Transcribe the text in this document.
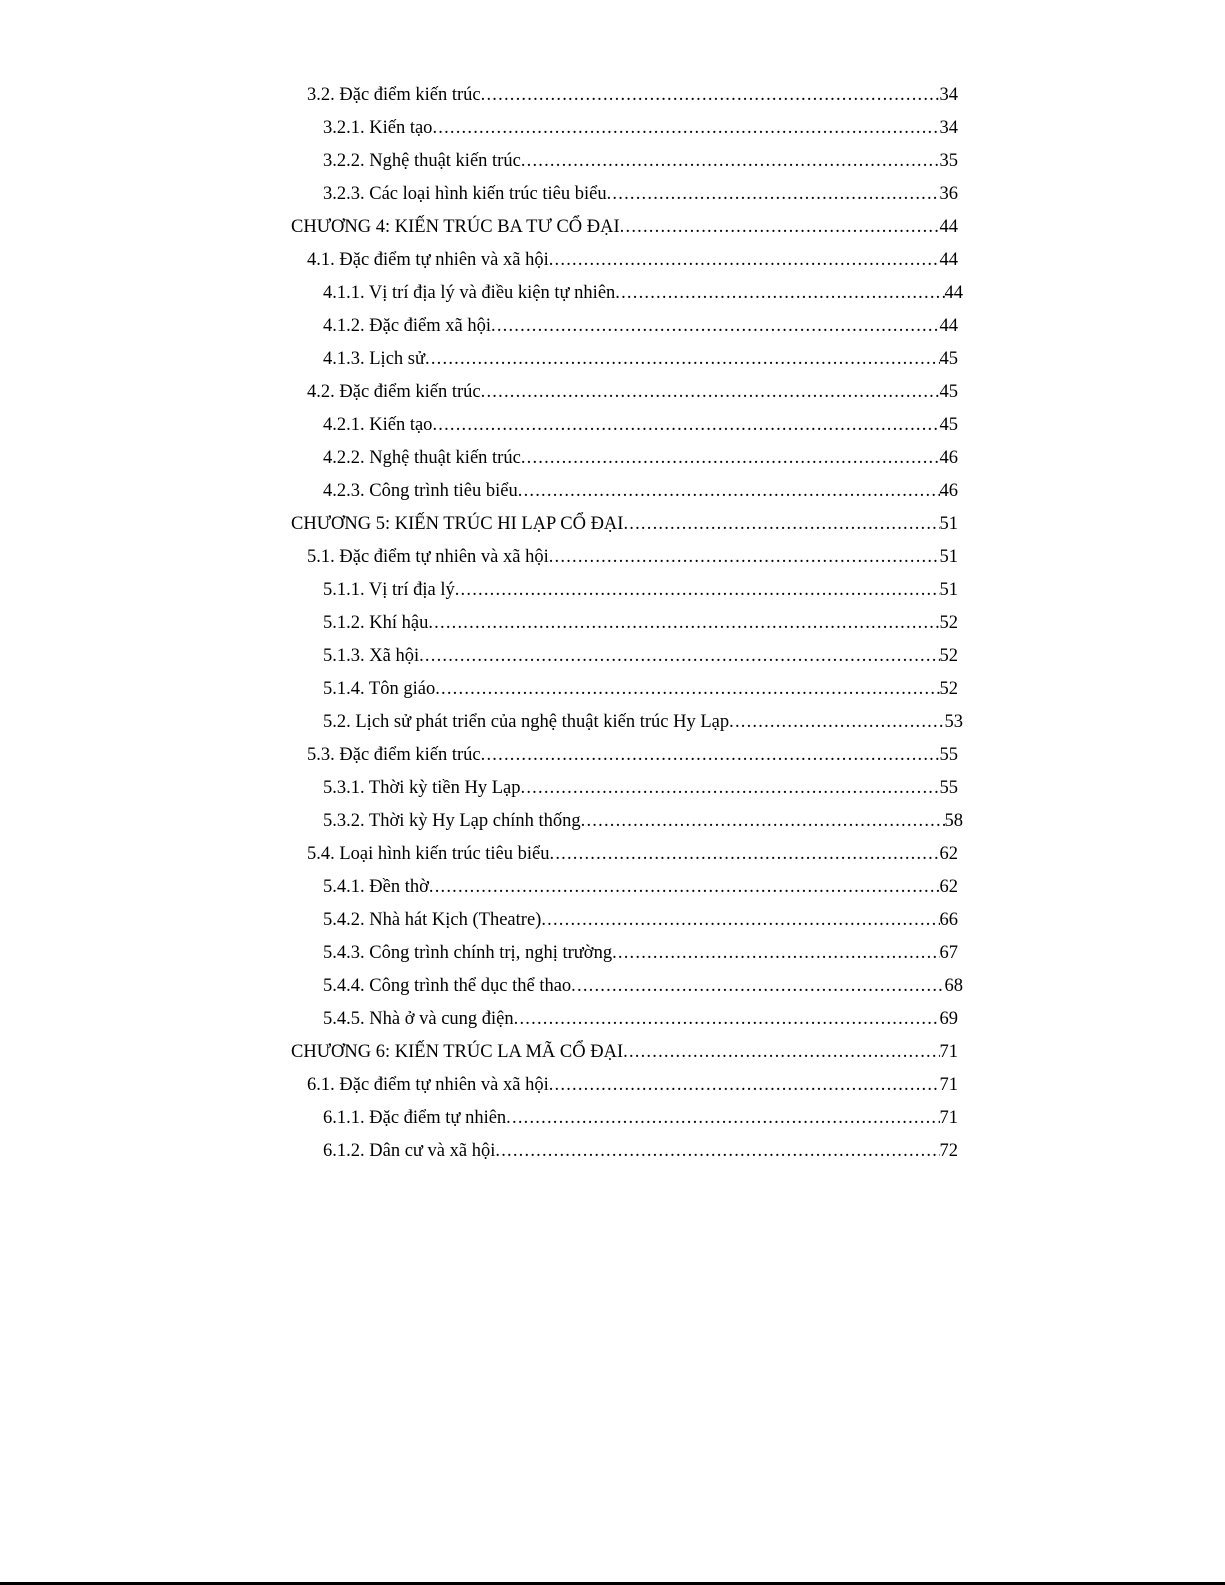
3.2. Đặc điểm kiến trúc .....	34
3.2.1. Kiến tạo .....	34
3.2.2. Nghệ thuật kiến trúc .....	35
3.2.3. Các loại hình kiến trúc tiêu biểu .....	36
CHƯƠNG 4: KIẾN TRÚC BA TƯ CỔ ĐẠI .....	44
4.1. Đặc điểm tự nhiên và xã hội .....	44
4.1.1. Vị trí địa lý và điều kiện tự nhiên .....	44
4.1.2. Đặc điểm xã hội .....	44
4.1.3. Lịch sử .....	45
4.2. Đặc điểm kiến trúc .....	45
4.2.1. Kiến tạo .....	45
4.2.2. Nghệ thuật kiến trúc .....	46
4.2.3. Công trình tiêu biểu .....	46
CHƯƠNG 5: KIẾN TRÚC HI LẠP CỔ ĐẠI .....	51
5.1. Đặc điểm tự nhiên và xã hội .....	51
5.1.1. Vị trí địa lý .....	51
5.1.2. Khí hậu .....	52
5.1.3. Xã hội .....	52
5.1.4. Tôn giáo .....	52
5.2. Lịch sử phát triển của nghệ thuật kiến trúc Hy Lạp .....	53
5.3. Đặc điểm kiến trúc .....	55
5.3.1. Thời kỳ tiền Hy Lạp .....	55
5.3.2. Thời kỳ Hy Lạp chính thống .....	58
5.4. Loại hình kiến trúc tiêu biểu .....	62
5.4.1. Đền thờ .....	62
5.4.2. Nhà hát Kịch (Theatre) .....	66
5.4.3. Công trình chính trị, nghị trường .....	67
5.4.4. Công trình thể dục thể thao .....	68
5.4.5. Nhà ở và cung điện .....	69
CHƯƠNG 6: KIẾN TRÚC LA MÃ CỔ ĐẠI .....	71
6.1. Đặc điểm tự nhiên và xã hội .....	71
6.1.1. Đặc điểm tự nhiên .....	71
6.1.2. Dân cư và xã hội .....	72
